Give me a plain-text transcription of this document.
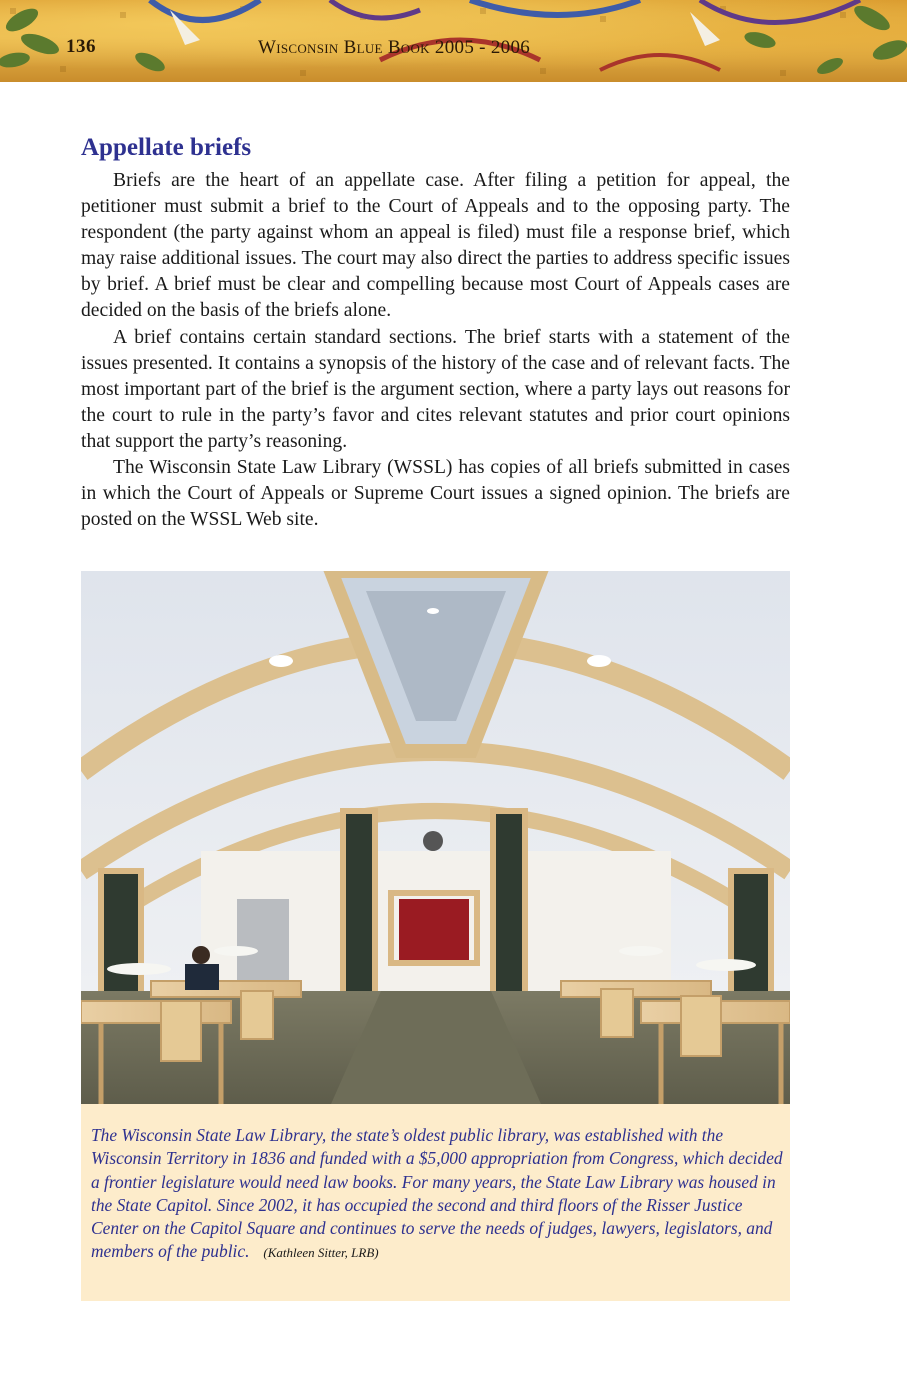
136	Wisconsin Blue Book 2005 - 2006
Appellate briefs

Briefs are the heart of an appellate case. After filing a petition for appeal, the petitioner must submit a brief to the Court of Appeals and to the opposing party. The respondent (the party against whom an appeal is filed) must file a response brief, which may raise additional issues. The court may also direct the parties to address specific issues by brief. A brief must be clear and compelling because most Court of Appeals cases are decided on the basis of the briefs alone.

A brief contains certain standard sections. The brief starts with a statement of the issues presented. It contains a synopsis of the history of the case and of relevant facts. The most important part of the brief is the argument section, where a party lays out reasons for the court to rule in the party’s favor and cites relevant statutes and prior court opinions that support the party’s reasoning.

The Wisconsin State Law Library (WSSL) has copies of all briefs submitted in cases in which the Court of Appeals or Supreme Court issues a signed opinion. The briefs are posted on the WSSL Web site.

The Wisconsin State Law Library, the state’s oldest public library, was established with the Wisconsin Territory in 1836 and funded with a $5,000 appropriation from Congress, which decided a frontier legislature would need law books. For many years, the State Law Library was housed in the State Capitol. Since 2002, it has occupied the second and third floors of the Risser Justice Center on the Capitol Square and continues to serve the needs of judges, lawyers, legislators, and members of the public. (Kathleen Sitter, LRB)
